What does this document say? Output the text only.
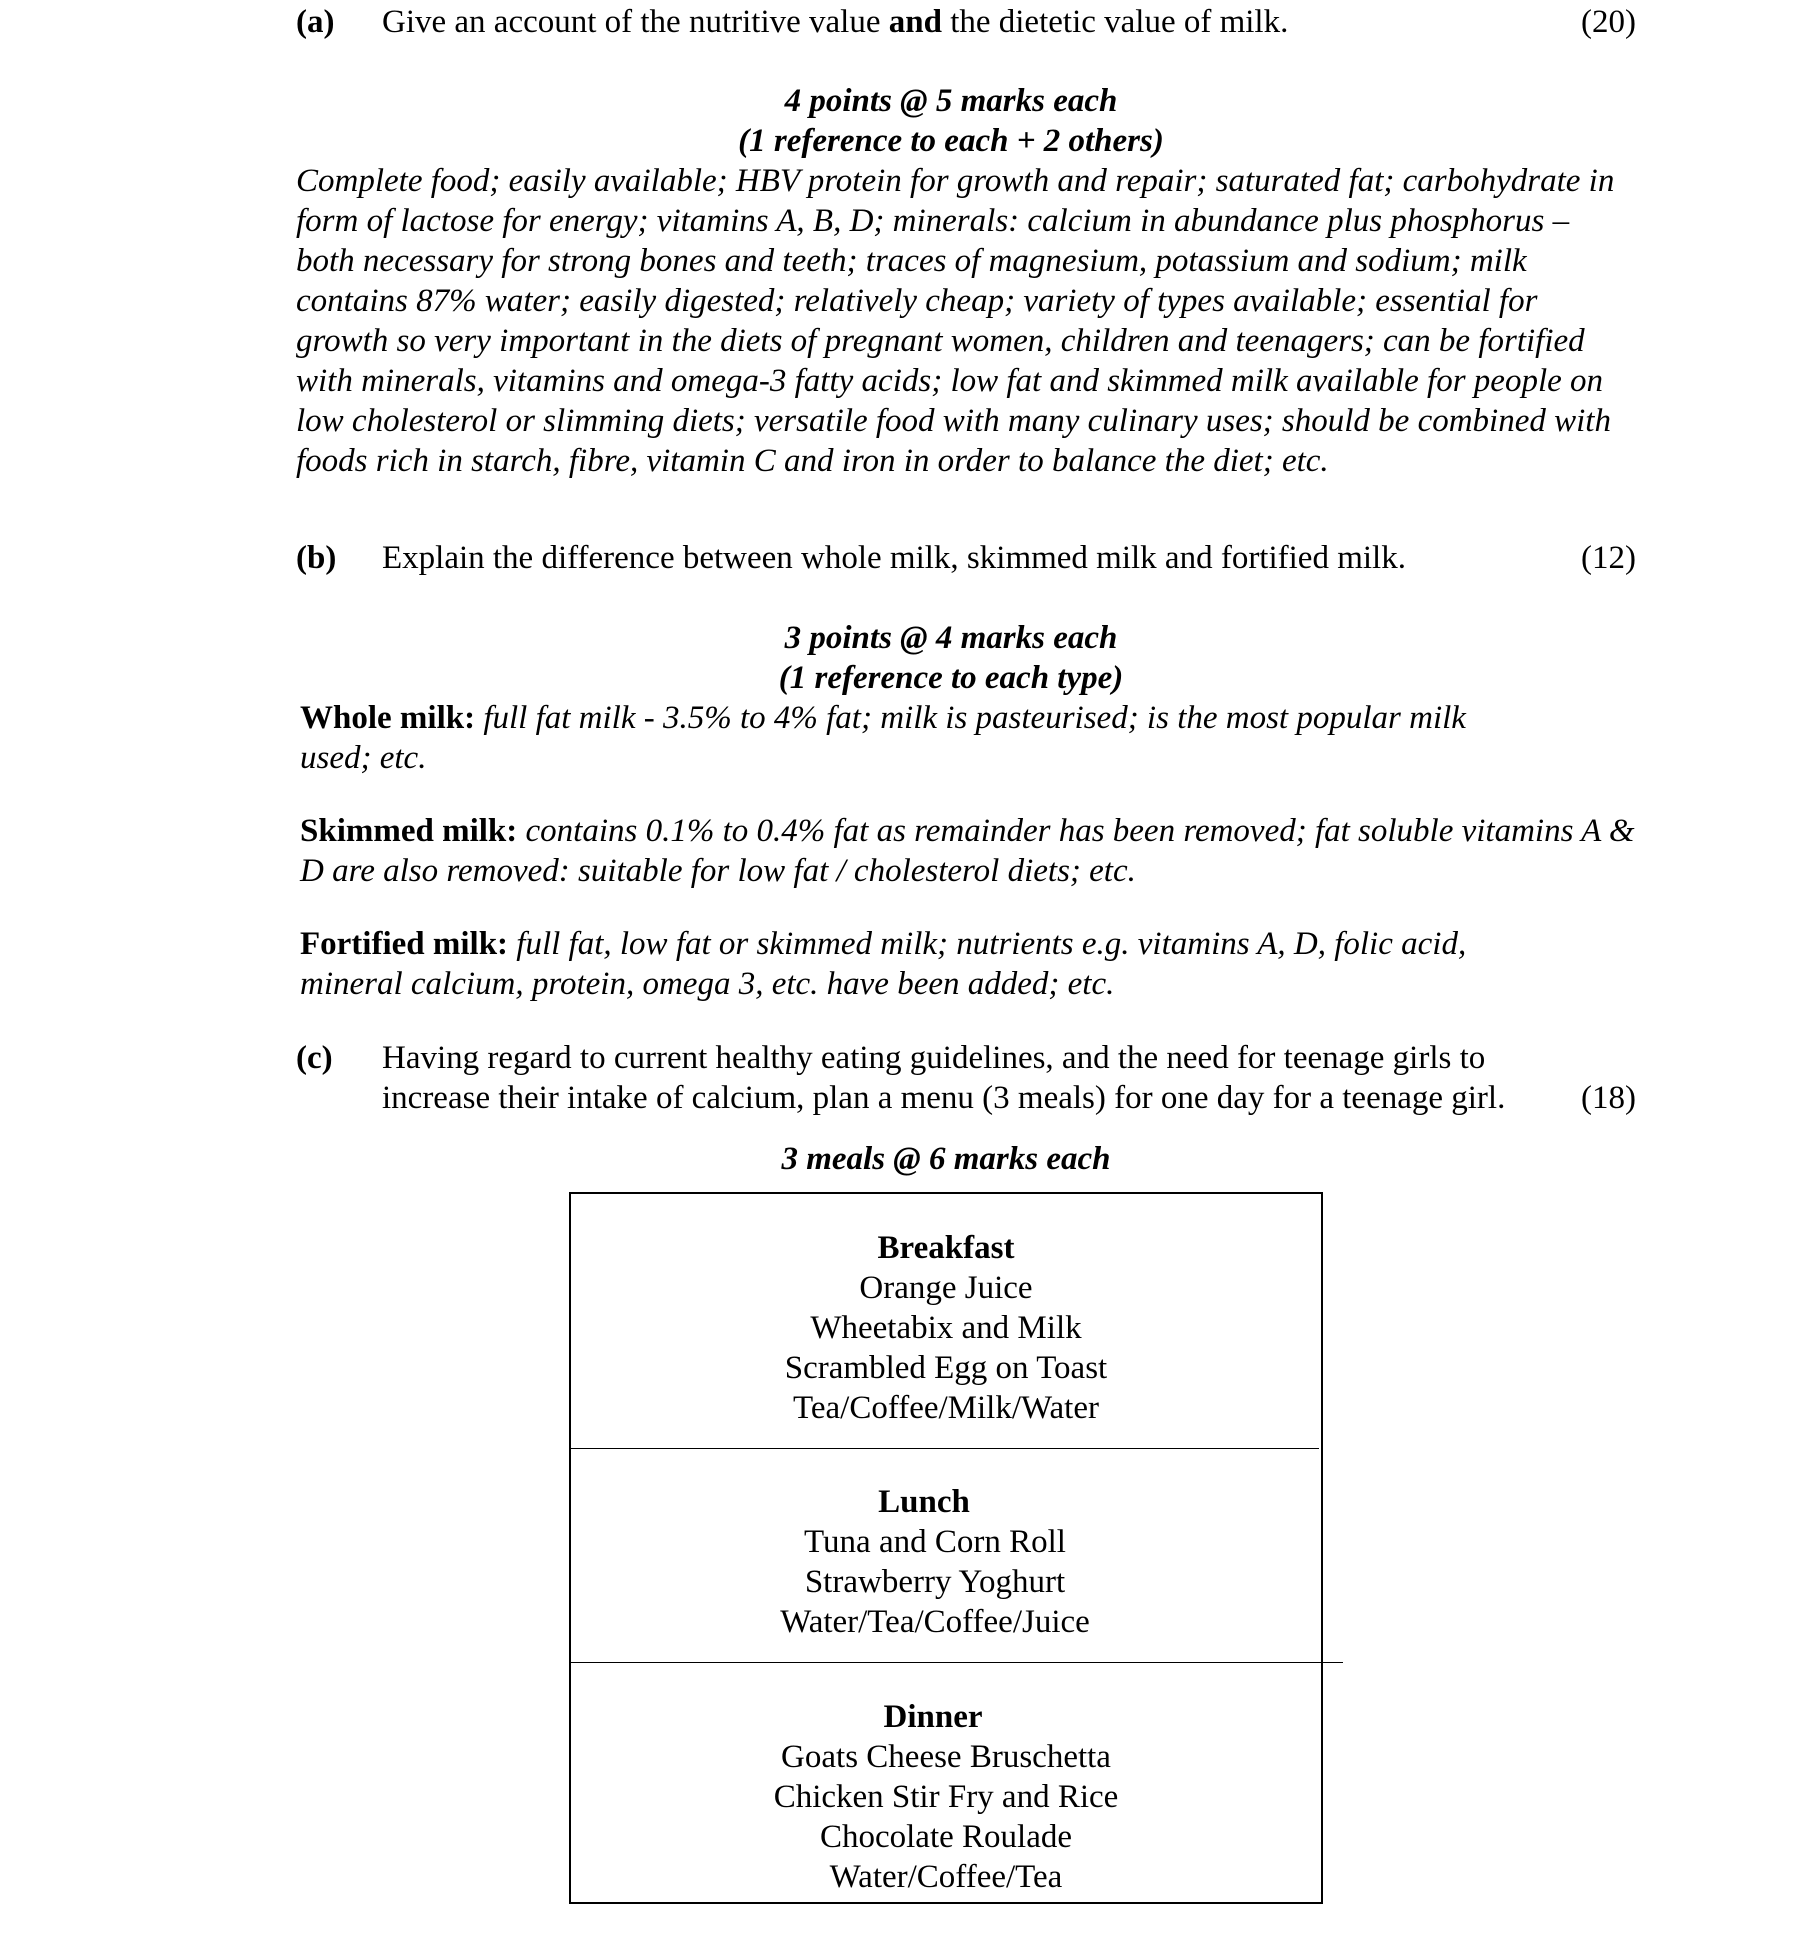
(a) Give an account of the nutritive value and the dietetic value of milk.	(20)
4 points @ 5 marks each
(1 reference to each + 2 others)
Complete food; easily available; HBV protein for growth and repair; saturated fat; carbohydrate in form of lactose for energy; vitamins A, B, D; minerals: calcium in abundance plus phosphorus – both necessary for strong bones and teeth; traces of magnesium, potassium and sodium; milk contains 87% water; easily digested; relatively cheap; variety of types available; essential for growth so very important in the diets of pregnant women, children and teenagers; can be fortified with minerals, vitamins and omega-3 fatty acids; low fat and skimmed milk available for people on low cholesterol or slimming diets; versatile food with many culinary uses; should be combined with foods rich in starch, fibre, vitamin C and iron in order to balance the diet; etc.
(b) Explain the difference between whole milk, skimmed milk and fortified milk.	(12)
3 points @ 4 marks each
(1 reference to each type)
Whole milk: full fat milk - 3.5% to 4% fat; milk is pasteurised; is the most popular milk used; etc.
Skimmed milk: contains 0.1% to 0.4% fat as remainder has been removed; fat soluble vitamins A & D are also removed: suitable for low fat / cholesterol diets; etc.
Fortified milk: full fat, low fat or skimmed milk; nutrients e.g. vitamins A, D, folic acid, mineral calcium, protein, omega 3, etc. have been added; etc.
(c) Having regard to current healthy eating guidelines, and the need for teenage girls to
increase their intake of calcium, plan a menu (3 meals) for one day for a teenage girl. (18)
3 meals @ 6 marks each
Breakfast
Orange Juice
Wheetabix and Milk
Scrambled Egg on Toast
Tea/Coffee/Milk/Water
Lunch
Tuna and Corn Roll
Strawberry Yoghurt
Water/Tea/Coffee/Juice
Dinner
Goats Cheese Bruschetta
Chicken Stir Fry and Rice
Chocolate Roulade
Water/Coffee/Tea
